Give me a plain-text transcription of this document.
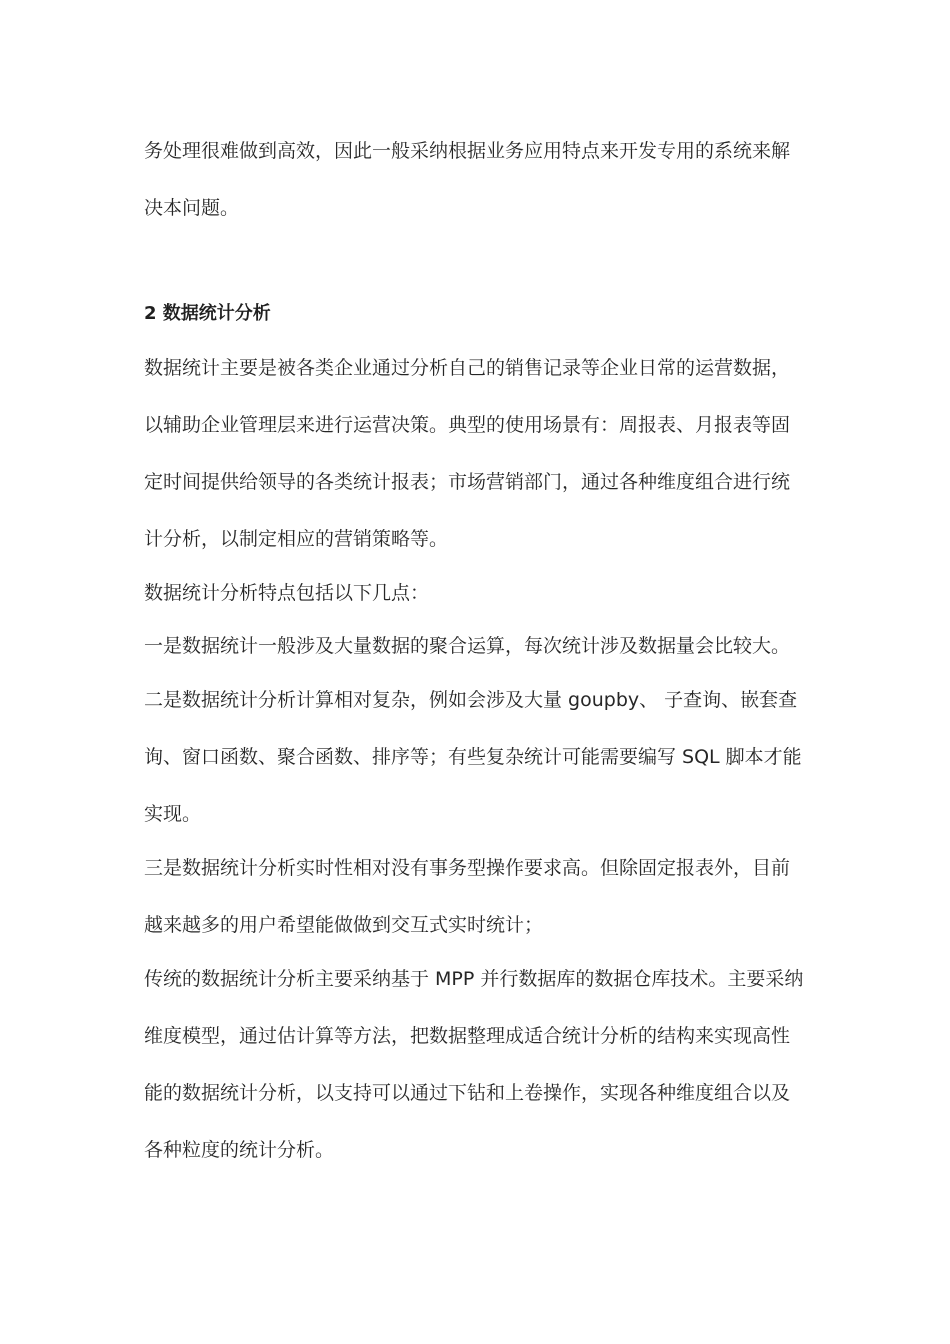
务处理很难做到高效，因此一般采纳根据业务应用特点来开发专用的系统来解
决本问题。
2 数据统计分析
数据统计主要是被各类企业通过分析自己的销售记录等企业日常的运营数据，
以辅助企业管理层来进行运营决策。典型的使用场景有：周报表、月报表等固
定时间提供给领导的各类统计报表；市场营销部门，通过各种维度组合进行统
计分析，以制定相应的营销策略等。
数据统计分析特点包括以下几点：
一是数据统计一般涉及大量数据的聚合运算，每次统计涉及数据量会比较大。
二是数据统计分析计算相对复杂，例如会涉及大量 goupby、 子查询、嵌套查
询、窗口函数、聚合函数、排序等；有些复杂统计可能需要编写 SQL 脚本才能
实现。
三是数据统计分析实时性相对没有事务型操作要求高。但除固定报表外，目前
越来越多的用户希望能做做到交互式实时统计；
传统的数据统计分析主要采纳基于 MPP 并行数据库的数据仓库技术。主要采纳
维度模型，通过估计算等方法，把数据整理成适合统计分析的结构来实现高性
能的数据统计分析，以支持可以通过下钻和上卷操作，实现各种维度组合以及
各种粒度的统计分析。
